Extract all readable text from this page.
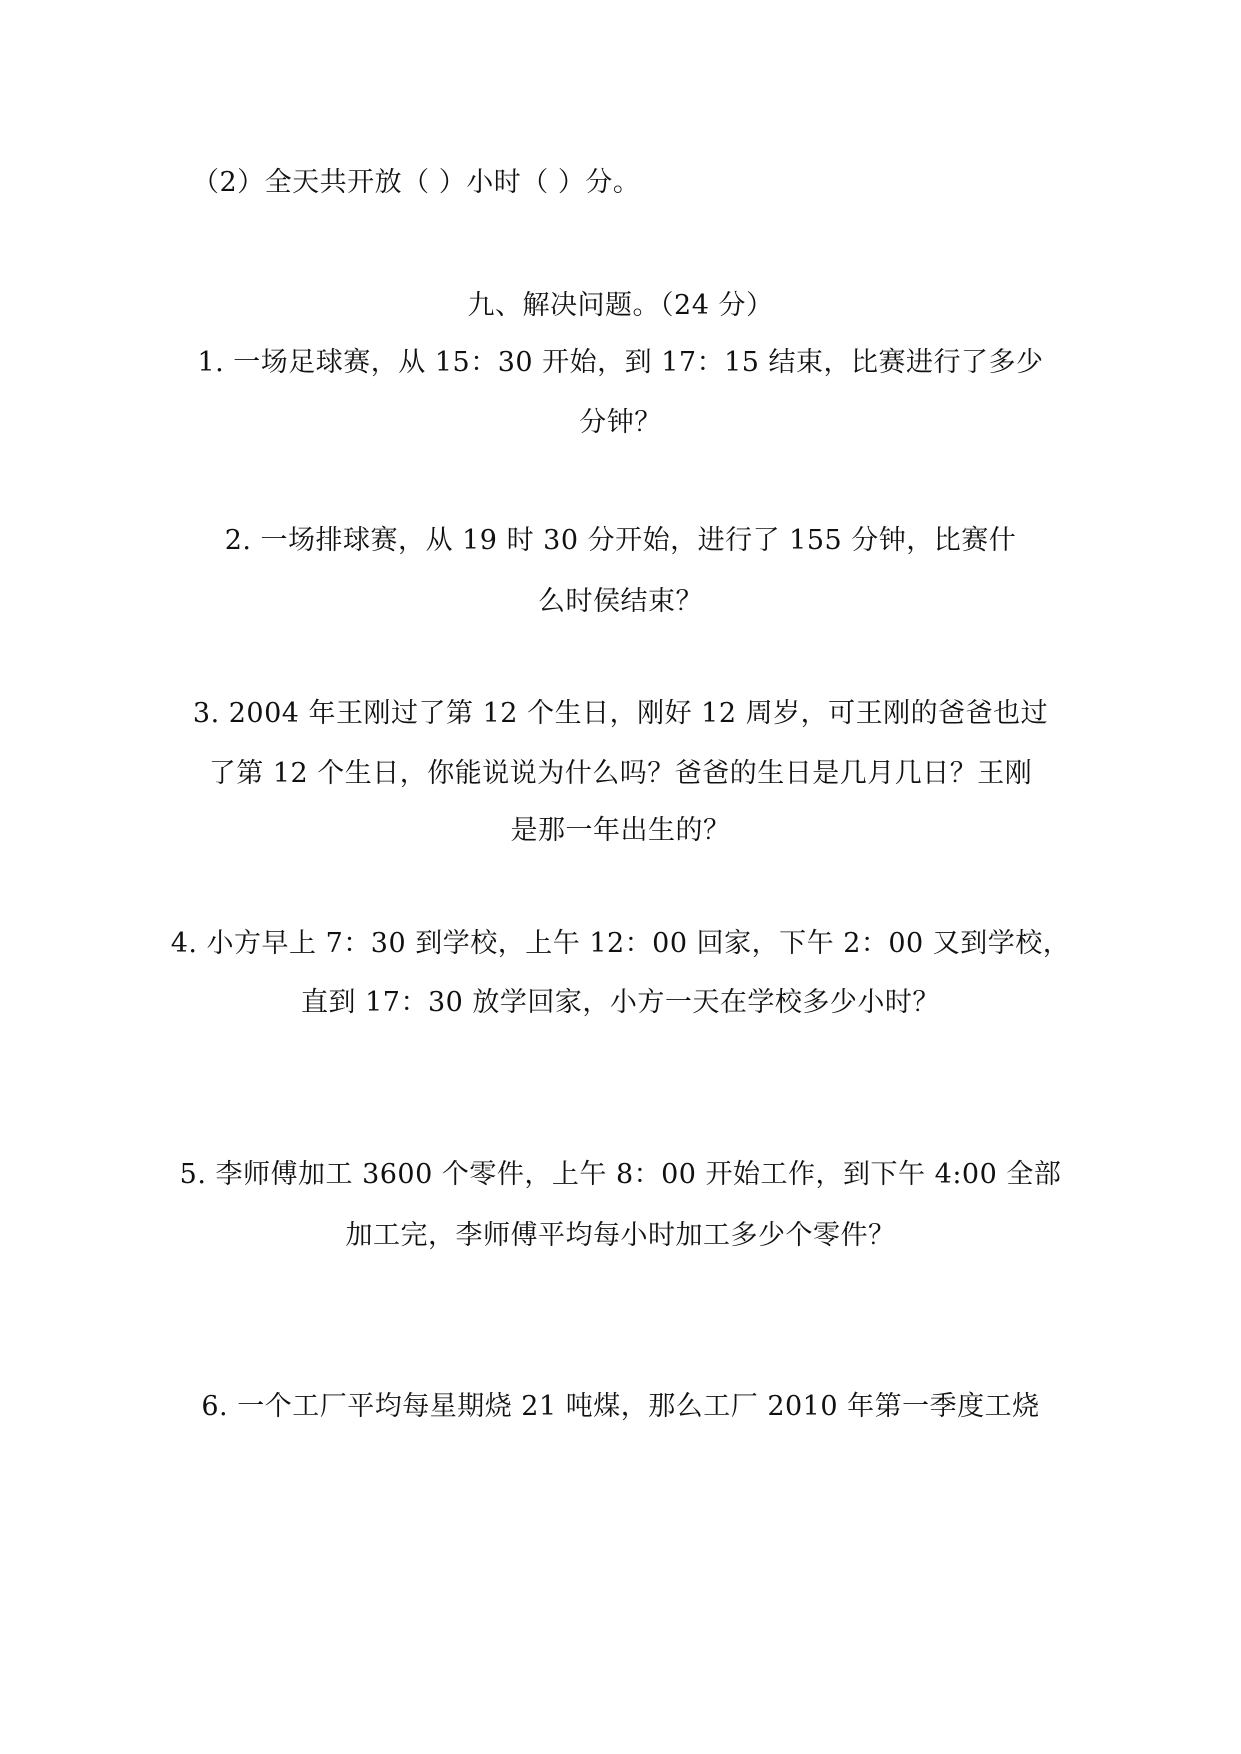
（2）全天共开放（ ）小时（ ）分。
九、解决问题。（24 分）
1. 一场足球赛，从 15：30 开始，到 17：15 结束，比赛进行了多少
分钟？
2. 一场排球赛，从 19 时 30 分开始，进行了 155 分钟，比赛什
么时侯结束？
3. 2004 年王刚过了第 12 个生日，刚好 12 周岁，可王刚的爸爸也过
了第 12 个生日，你能说说为什么吗？爸爸的生日是几月几日？王刚
是那一年出生的？
4. 小方早上 7：30 到学校，上午 12：00 回家，下午 2：00 又到学校，
直到 17：30 放学回家，小方一天在学校多少小时？
5. 李师傅加工 3600 个零件，上午 8：00 开始工作，到下午 4:00 全部
加工完，李师傅平均每小时加工多少个零件？
6. 一个工厂平均每星期烧 21 吨煤，那么工厂 2010 年第一季度工烧
